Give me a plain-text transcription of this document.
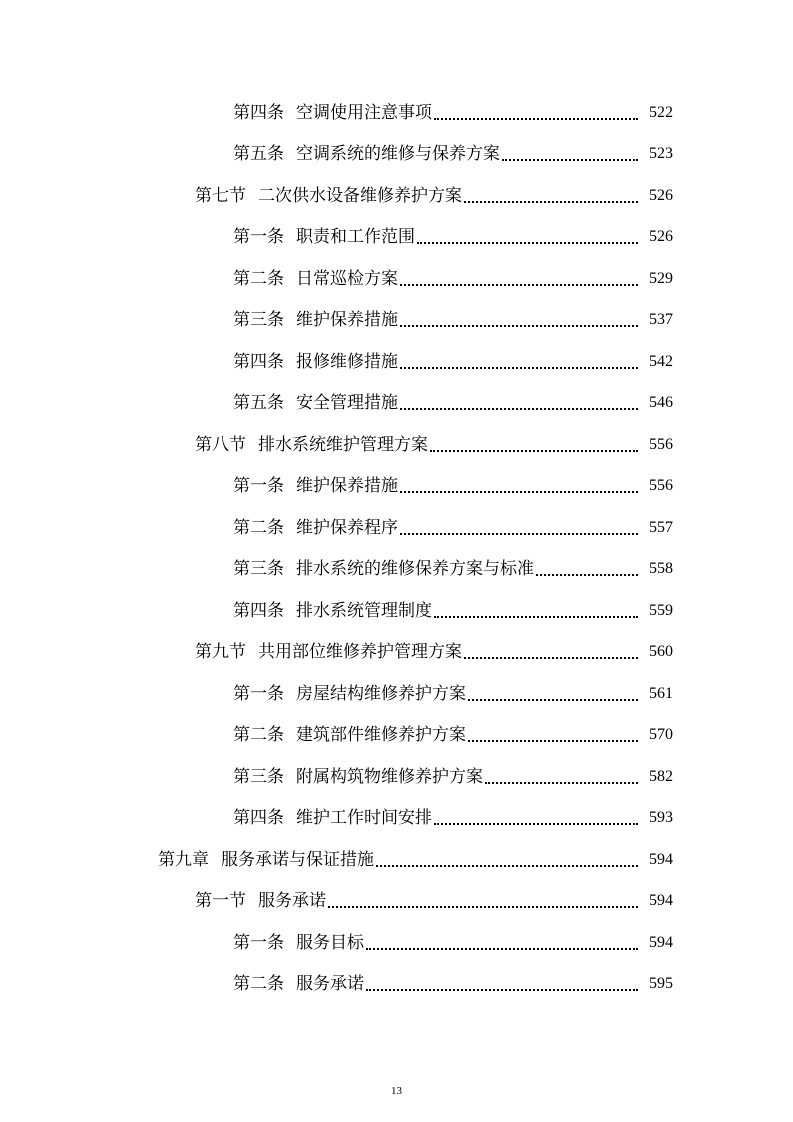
第四条 空调使用注意事项	522
第五条 空调系统的维修与保养方案	523
第七节 二次供水设备维修养护方案	526
第一条 职责和工作范围	526
第二条 日常巡检方案	529
第三条 维护保养措施	537
第四条 报修维修措施	542
第五条 安全管理措施	546
第八节 排水系统维护管理方案	556
第一条 维护保养措施	556
第二条 维护保养程序	557
第三条 排水系统的维修保养方案与标准	558
第四条 排水系统管理制度	559
第九节 共用部位维修养护管理方案	560
第一条 房屋结构维修养护方案	561
第二条 建筑部件维修养护方案	570
第三条 附属构筑物维修养护方案	582
第四条 维护工作时间安排	593
第九章 服务承诺与保证措施	594
第一节 服务承诺	594
第一条 服务目标	594
第二条 服务承诺	595
13
